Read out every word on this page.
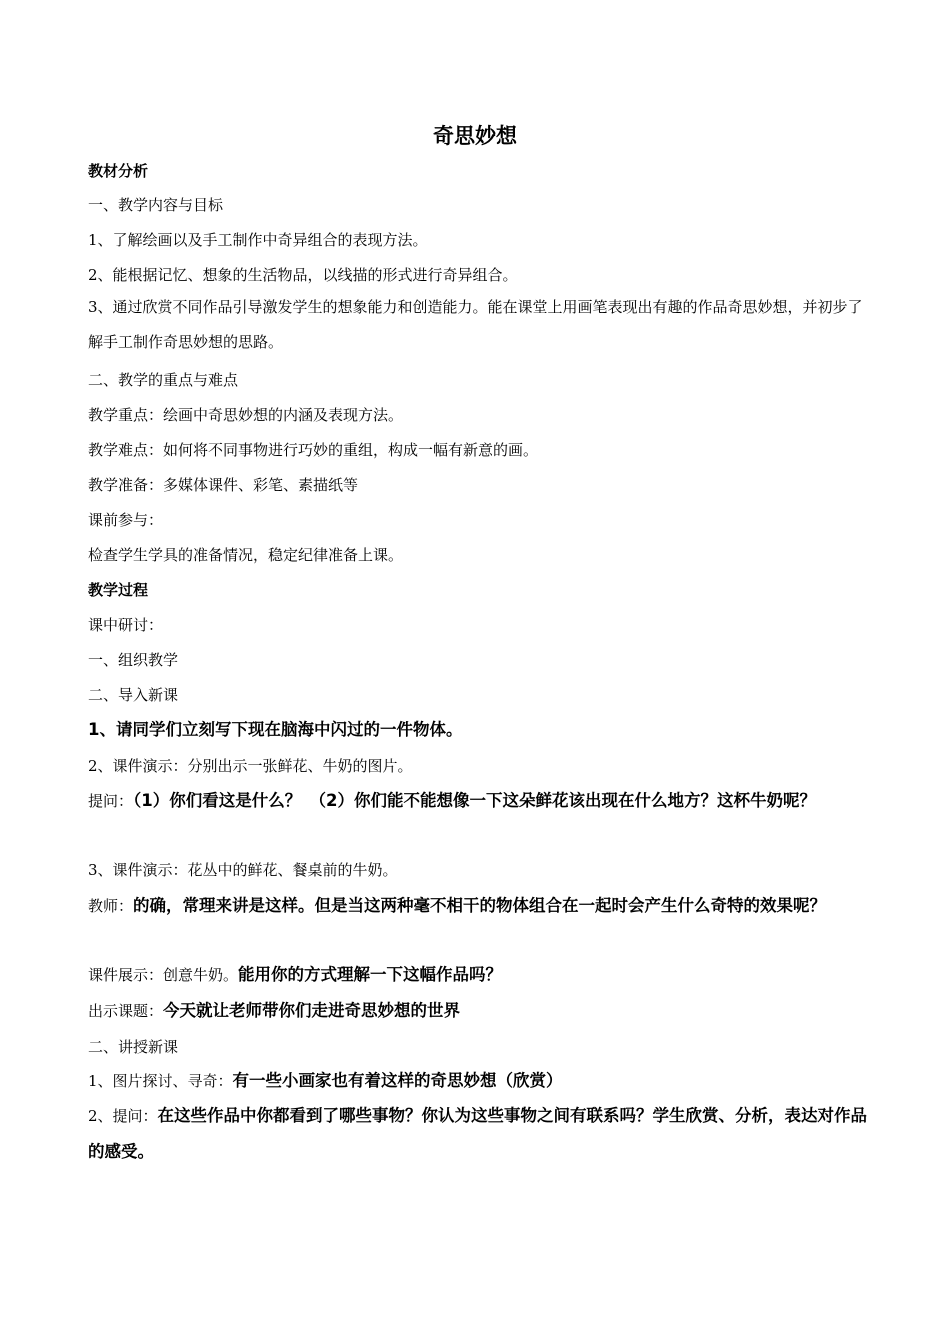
奇思妙想
教材分析
一、教学内容与目标
1、了解绘画以及手工制作中奇异组合的表现方法。
2、能根据记忆、想象的生活物品，以线描的形式进行奇异组合。
3、通过欣赏不同作品引导激发学生的想象能力和创造能力。能在课堂上用画笔表现出有趣的作品奇思妙想，并初步了解手工制作奇思妙想的思路。
二、教学的重点与难点
教学重点：绘画中奇思妙想的内涵及表现方法。
教学难点：如何将不同事物进行巧妙的重组，构成一幅有新意的画。
教学准备：多媒体课件、彩笔、素描纸等
课前参与：
检查学生学具的准备情况，稳定纪律准备上课。
教学过程
课中研讨：
一、组织教学
二、导入新课
1、请同学们立刻写下现在脑海中闪过的一件物体。
2、课件演示：分别出示一张鲜花、牛奶的图片。
提问：（1）你们看这是什么？　（2）你们能不能想像一下这朵鲜花该出现在什么地方？这杯牛奶呢？
3、课件演示：花丛中的鲜花、餐桌前的牛奶。
教师：的确，常理来讲是这样。但是当这两种毫不相干的物体组合在一起时会产生什么奇特的效果呢？
课件展示：创意牛奶。能用你的方式理解一下这幅作品吗？
出示课题：今天就让老师带你们走进奇思妙想的世界
二、讲授新课
1、图片探讨、寻奇：有一些小画家也有着这样的奇思妙想（欣赏）
2、提问：在这些作品中你都看到了哪些事物？你认为这些事物之间有联系吗？学生欣赏、分析，表达对作品的感受。
